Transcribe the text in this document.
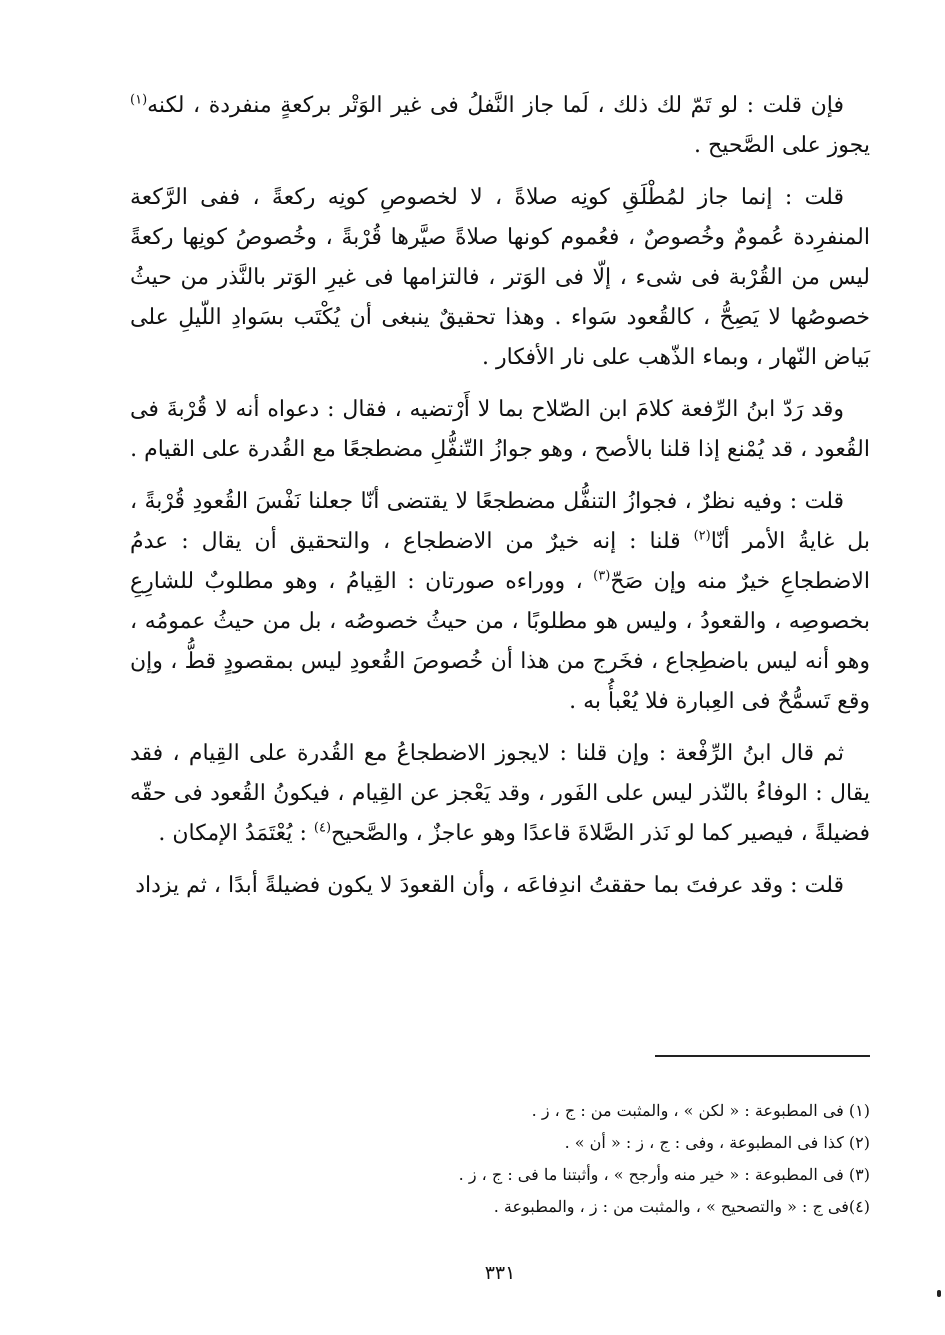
فإن قلت : لو تَمّ لك ذلك ، لَما جاز النَّفلُ فى غير الوَتْر بركعةٍ منفردة ، لكنه$^{(١)}$ يجوز على الصَّحيح .

قلت : إنما جاز لمُطْلَقِ كونِه صلاةً ، لا لخصوصِ كونِه ركعةً ، ففى الرَّكعة المنفرِدة عُمومٌ وخُصوصٌ ، فعُموم كونها صلاةً صيَّرها قُرْبةً ، وخُصوصُ كونِها ركعةً ليس من القُرْبة فى شىء ، إلّا فى الوَتر ، فالتزامها فى غيرِ الوَتر بالنَّذر من حيثُ خصوصُها لا يَصِحُّ ، كالقُعود سَواء . وهذا تحقيقٌ ينبغى أن يُكْتَب بسَوادِ اللّيلِ على بَياض النّهار ، وبماء الذّهب على نار الأفكار .

وقد رَدّ ابنُ الرِّفعة كلامَ ابن الصّلاح بما لا أَرْتضيه ، فقال : دعواه أنه لا قُرْبةَ فى القُعود ، قد يُمْنع إذا قلنا بالأصح ، وهو جوازُ التّنفُّلِ مضطجعًا مع القُدرة على القيام .

قلت : وفيه نظرٌ ، فجوازُ التنفُّل مضطجعًا لا يقتضى أنّا جعلنا نَفْسَ القُعودِ قُرْبةً ، بل غايةُ الأمر أنّا$^{(٢)}$ قلنا : إنه خيرٌ من الاضطجاع ، والتحقيق أن يقال : عدمُ الاضطجاعِ خيرٌ منه وإن صَحّ$^{(٣)}$ ، ووراءه صورتان : القِيامُ ، وهو مطلوبٌ للشارِعِ بخصوصِه ، والقعودُ ، وليس هو مطلوبًا ، من حيثُ خصوصُه ، بل من حيثُ عمومُه ، وهو أنه ليس باضطِجاع ، فخَرج من هذا أن خُصوصَ القُعودِ ليس بمقصودٍ قطُّ ، وإن وقع تَسمُّحٌ فى العِبارة فلا يُعْبأُ به .

ثم قال ابنُ الرِّفْعة : وإن قلنا : لايجوز الاضطجاعُ مع القُدرة على القِيام ، فقد يقال : الوفاءُ بالنّذر ليس على الفَور ، وقد يَعْجز عن القِيام ، فيكونُ القُعود فى حقّه فضيلةً ، فيصير كما لو نَذر الصَّلاةَ قاعدًا وهو عاجزٌ ، والصَّحيح$^{(٤)}$ : يُعْتَمَدُ الإمكان .

قلت : وقد عرفتَ بما حققتُ اندِفاعَه ، وأن القعودَ لا يكون فضيلةً أبدًا ، ثم يزداد

(١) فى المطبوعة : « لكن » ، والمثبت من : ج ، ز .

(٢) كذا فى المطبوعة ، وفى : ج ، ز : « أن » .

(٣) فى المطبوعة : « خير منه وأرجح » ، وأثبتنا ما فى : ج ، ز .

(٤)فى ج : « والتصحيح » ، والمثبت من : ز ، والمطبوعة .

٣٣١
